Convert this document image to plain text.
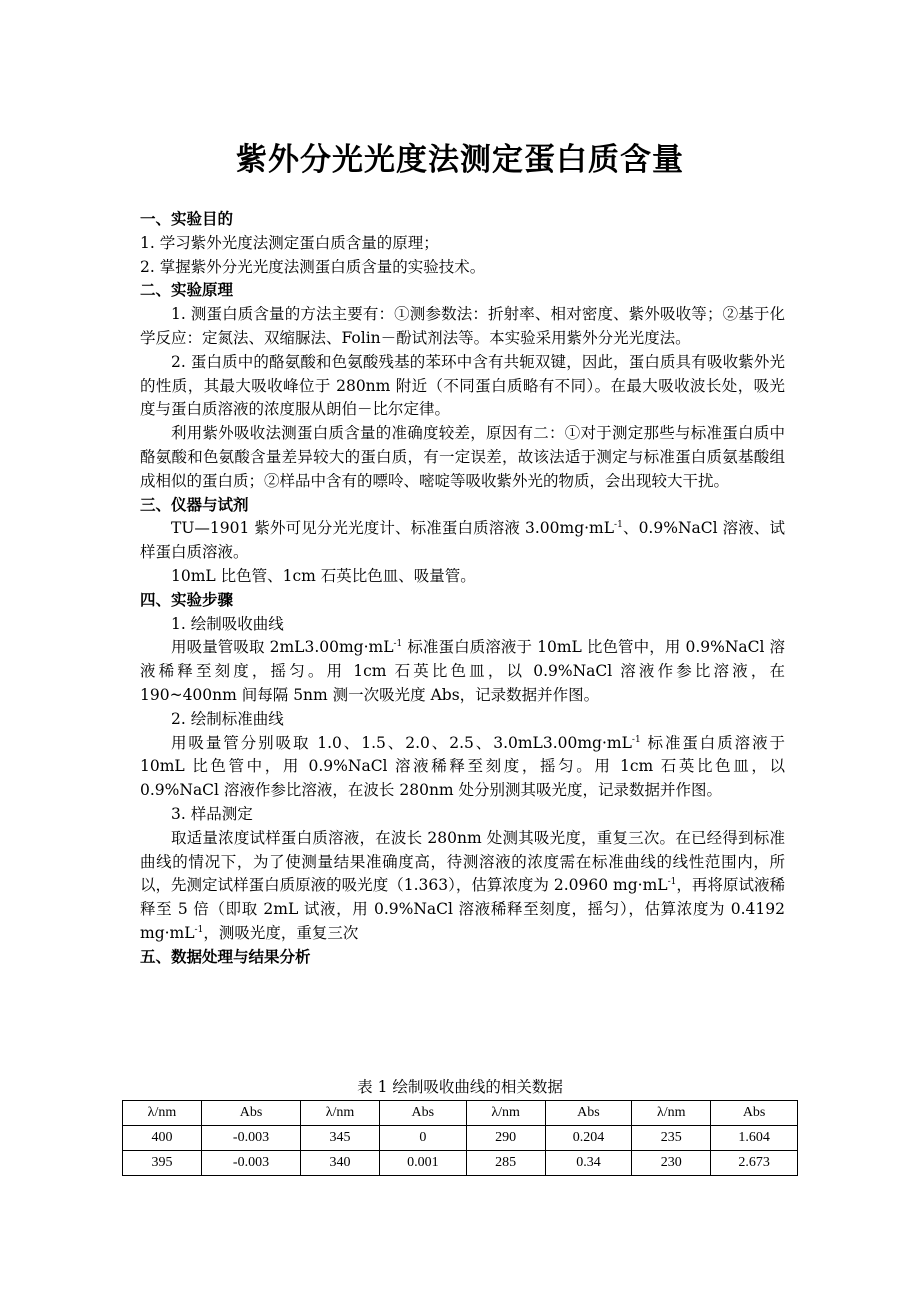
紫外分光光度法测定蛋白质含量
一、实验目的
1. 学习紫外光度法测定蛋白质含量的原理；
2. 掌握紫外分光光度法测蛋白质含量的实验技术。
二、实验原理
1. 测蛋白质含量的方法主要有：①测参数法：折射率、相对密度、紫外吸收等；②基于化学反应：定氮法、双缩脲法、Folin－酚试剂法等。本实验采用紫外分光光度法。
2. 蛋白质中的酪氨酸和色氨酸残基的苯环中含有共轭双键，因此，蛋白质具有吸收紫外光的性质，其最大吸收峰位于 280nm 附近（不同蛋白质略有不同）。在最大吸收波长处，吸光度与蛋白质溶液的浓度服从朗伯－比尔定律。
利用紫外吸收法测蛋白质含量的准确度较差，原因有二：①对于测定那些与标准蛋白质中酪氨酸和色氨酸含量差异较大的蛋白质，有一定误差，故该法适于测定与标准蛋白质氨基酸组成相似的蛋白质；②样品中含有的嘌呤、嘧啶等吸收紫外光的物质，会出现较大干扰。
三、仪器与试剂
TU—1901 紫外可见分光光度计、标准蛋白质溶液 $3.00mg\cdot mL^{-1}$、0.9%NaCl 溶液、试样蛋白质溶液。
10mL 比色管、1cm 石英比色皿、吸量管。
四、实验步骤
1. 绘制吸收曲线
用吸量管吸取 $2mL3.00mg\cdot mL^{-1}$ 标准蛋白质溶液于 10mL 比色管中，用 0.9%NaCl 溶液稀释至刻度，摇匀。用 1cm 石英比色皿，以 0.9%NaCl 溶液作参比溶液，在 190~400nm 间每隔 5nm 测一次吸光度 Abs，记录数据并作图。
2. 绘制标准曲线
用吸量管分别吸取 1.0、1.5、2.0、2.5、$3.0mL3.00mg\cdot mL^{-1}$ 标准蛋白质溶液于 10mL 比色管中，用 0.9%NaCl 溶液稀释至刻度，摇匀。用 1cm 石英比色皿，以 0.9%NaCl 溶液作参比溶液，在波长 280nm 处分别测其吸光度，记录数据并作图。
3. 样品测定
取适量浓度试样蛋白质溶液，在波长 280nm 处测其吸光度，重复三次。在已经得到标准曲线的情况下，为了使测量结果准确度高，待测溶液的浓度需在标准曲线的线性范围内，所以，先测定试样蛋白质原液的吸光度（1.363），估算浓度为 2.0960 $mg\cdot mL^{-1}$，再将原试液稀释至 5 倍（即取 2mL 试液，用 0.9%NaCl 溶液稀释至刻度，摇匀），估算浓度为 0.4192 $mg\cdot mL^{-1}$，测吸光度，重复三次
五、数据处理与结果分析
表 1 绘制吸收曲线的相关数据
λ/nm	Abs	λ/nm	Abs	λ/nm	Abs	λ/nm	Abs
400	-0.003	345	0	290	0.204	235	1.604
395	-0.003	340	0.001	285	0.34	230	2.673
